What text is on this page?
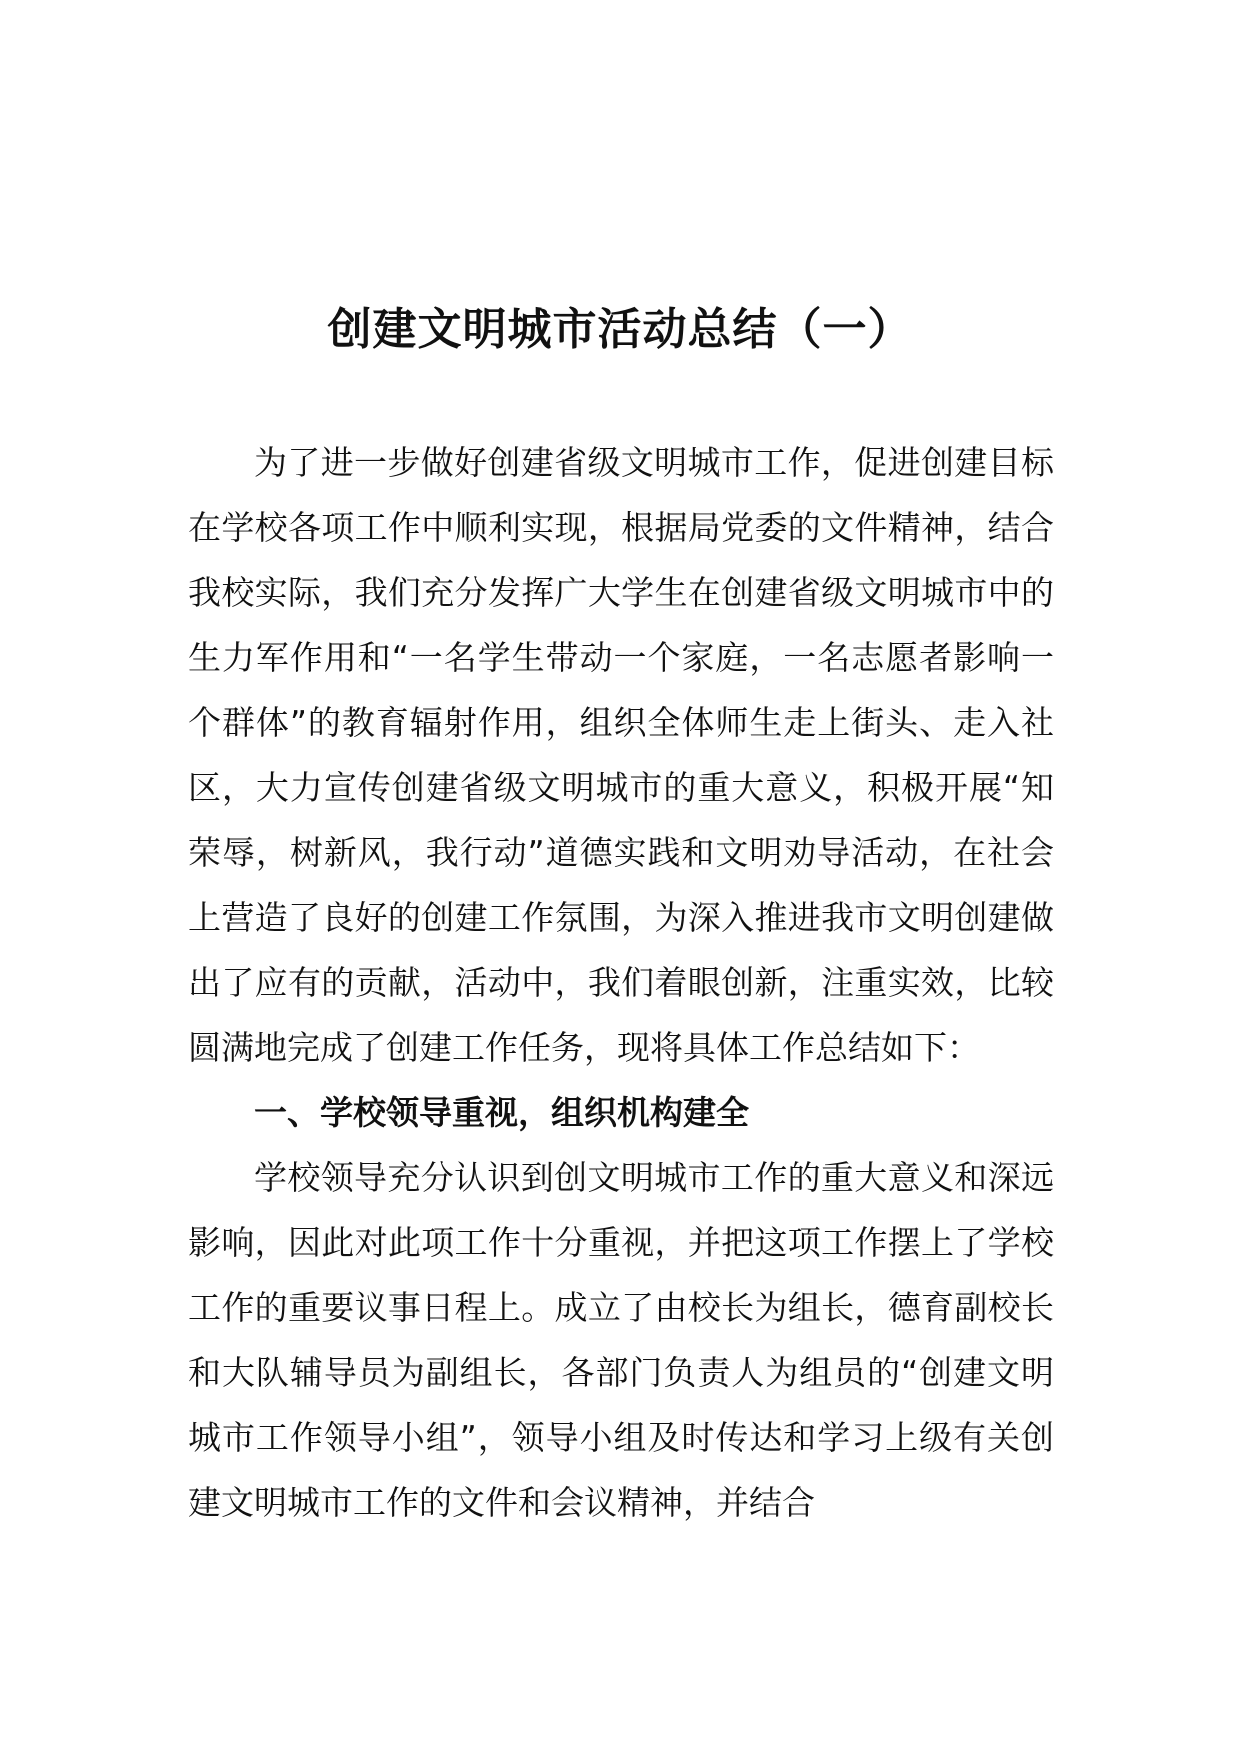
创建文明城市活动总结（一）

为了进一步做好创建省级文明城市工作，促进创建目标在学校各项工作中顺利实现，根据局党委的文件精神，结合我校实际，我们充分发挥广大学生在创建省级文明城市中的生力军作用和“一名学生带动一个家庭，一名志愿者影响一个群体”的教育辐射作用，组织全体师生走上街头、走入社区，大力宣传创建省级文明城市的重大意义，积极开展“知荣辱，树新风，我行动”道德实践和文明劝导活动，在社会上营造了良好的创建工作氛围，为深入推进我市文明创建做出了应有的贡献，活动中，我们着眼创新，注重实效，比较圆满地完成了创建工作任务，现将具体工作总结如下：

一、学校领导重视，组织机构建全

学校领导充分认识到创文明城市工作的重大意义和深远影响，因此对此项工作十分重视，并把这项工作摆上了学校工作的重要议事日程上。成立了由校长为组长，德育副校长和大队辅导员为副组长，各部门负责人为组员的“创建文明城市工作领导小组”，领导小组及时传达和学习上级有关创建文明城市工作的文件和会议精神，并结合
